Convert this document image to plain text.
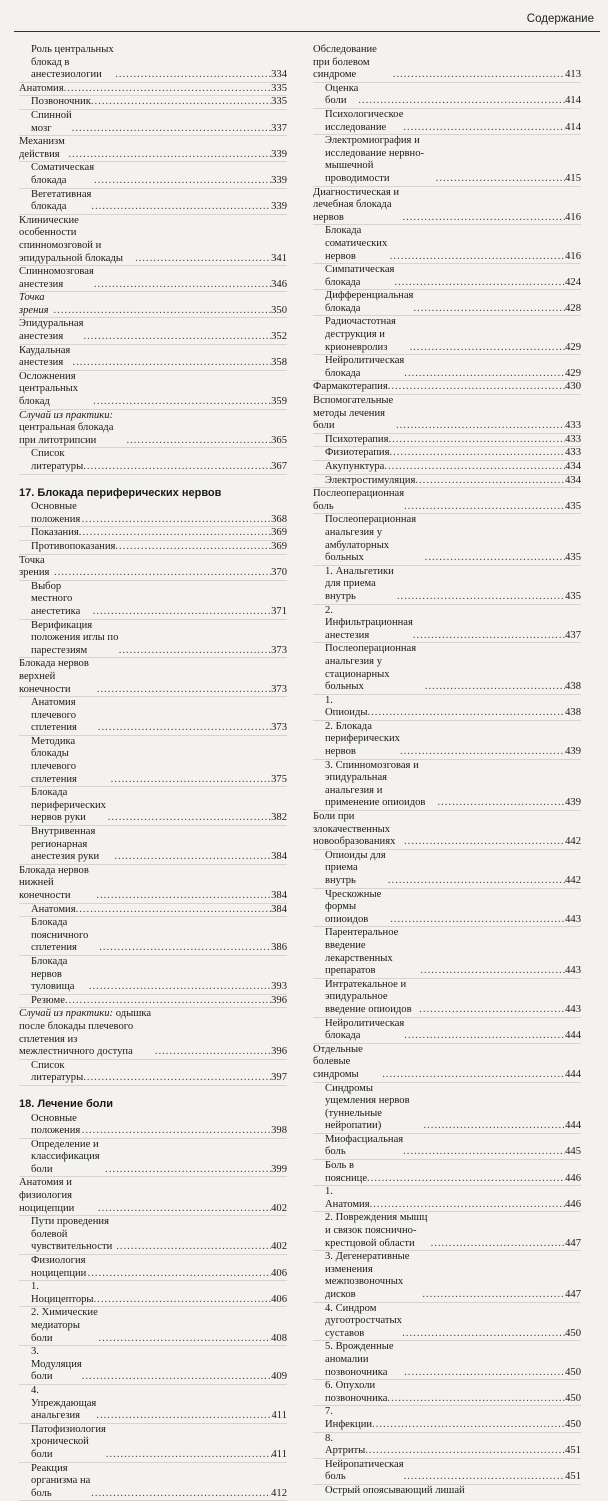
Содержание
Роль центральных блокад в анестезиологии .....	334
Анатомия .....	335
Позвоночник .....	335
Спинной мозг .....	337
Механизм действия .....	339
Соматическая блокада .....	339
Вегетативная блокада .....	339
Клинические особенности спинномозговой и эпидуральной блокады .....	341
Спинномозговая анестезия .....	346
Точка зрения .....	350
Эпидуральная анестезия .....	352
Каудальная анестезия .....	358
Осложнения центральных блокад .....	359
Случай из практики: центральная блокада при литотрипсии .....	365
Список литературы .....	367
17. Блокада периферических нервов
Основные положения .....	368
Показания .....	369
Противопоказания .....	369
Точка зрения .....	370
Выбор местного анестетика .....	371
Верификация положения иглы по парестезиям .....	373
Блокада нервов верхней конечности .....	373
Анатомия плечевого сплетения .....	373
Методика блокады плечевого сплетения .....	375
Блокада периферических нервов руки .....	382
Внутривенная регионарная анестезия руки .....	384
Блокада нервов нижней конечности .....	384
Анатомия .....	384
Блокада поясничного сплетения .....	386
Блокада нервов туловища .....	393
Резюме .....	396
Случай из практики: одышка после блокады плечевого сплетения из межлестничного доступа .....	396
Список литературы .....	397
18. Лечение боли
Основные положения .....	398
Определение и классификация боли .....	399
Анатомия и физиология ноцицепции .....	402
Пути проведения болевой чувствительности .....	402
Физиология ноцицепции .....	406
1. Ноцицепторы .....	406
2. Химические медиаторы боли .....	408
3. Модуляция боли .....	409
4. Упреждающая анальгезия .....	411
Патофизиология хронической боли .....	411
Реакция организма на боль .....	412
Обследование при болевом синдроме .....	413
Оценка боли .....	414
Психологическое исследование .....	414
Электромиография и исследование нервно-мышечной проводимости .....	415
Диагностическая и лечебная блокада нервов .....	416
Блокада соматических нервов .....	416
Симпатическая блокада .....	424
Дифференциальная блокада .....	428
Радиочастотная деструкция и крионевролиз .....	429
Нейролитическая блокада .....	429
Фармакотерапия .....	430
Вспомогательные методы лечения боли .....	433
Психотерапия .....	433
Физиотерапия .....	433
Акупунктура .....	434
Электростимуляция .....	434
Послеоперационная боль .....	435
Послеоперационная анальгезия у амбулаторных больных .....	435
1. Анальгетики для приема внутрь .....	435
2. Инфильтрационная анестезия .....	437
Послеоперационная анальгезия у стационарных больных .....	438
1. Опиоиды .....	438
2. Блокада периферических нервов .....	439
3. Спинномозговая и эпидуральная анальгезия и применение опиоидов .....	439
Боли при злокачественных новообразованиях .....	442
Опиоиды для приема внутрь .....	442
Чрескожные формы опиоидов .....	443
Парентеральное введение лекарственных препаратов .....	443
Интратекальное и эпидуральное введение опиоидов .....	443
Нейролитическая блокада .....	444
Отдельные болевые синдромы .....	444
Синдромы ущемления нервов (туннельные нейропатии) .....	444
Миофасциальная боль .....	445
Боль в пояснице .....	446
1. Анатомия .....	446
2. Повреждения мышц и связок пояснично-крестцовой области .....	447
3. Дегенеративные изменения межпозвоночных дисков .....	447
4. Синдром дугоотростчатых суставов .....	450
5. Врожденные аномалии позвоночника .....	450
6. Опухоли позвоночника .....	450
7. Инфекции .....	450
8. Артриты .....	451
Нейропатическая боль .....	451
Острый опоясывающий лишай
